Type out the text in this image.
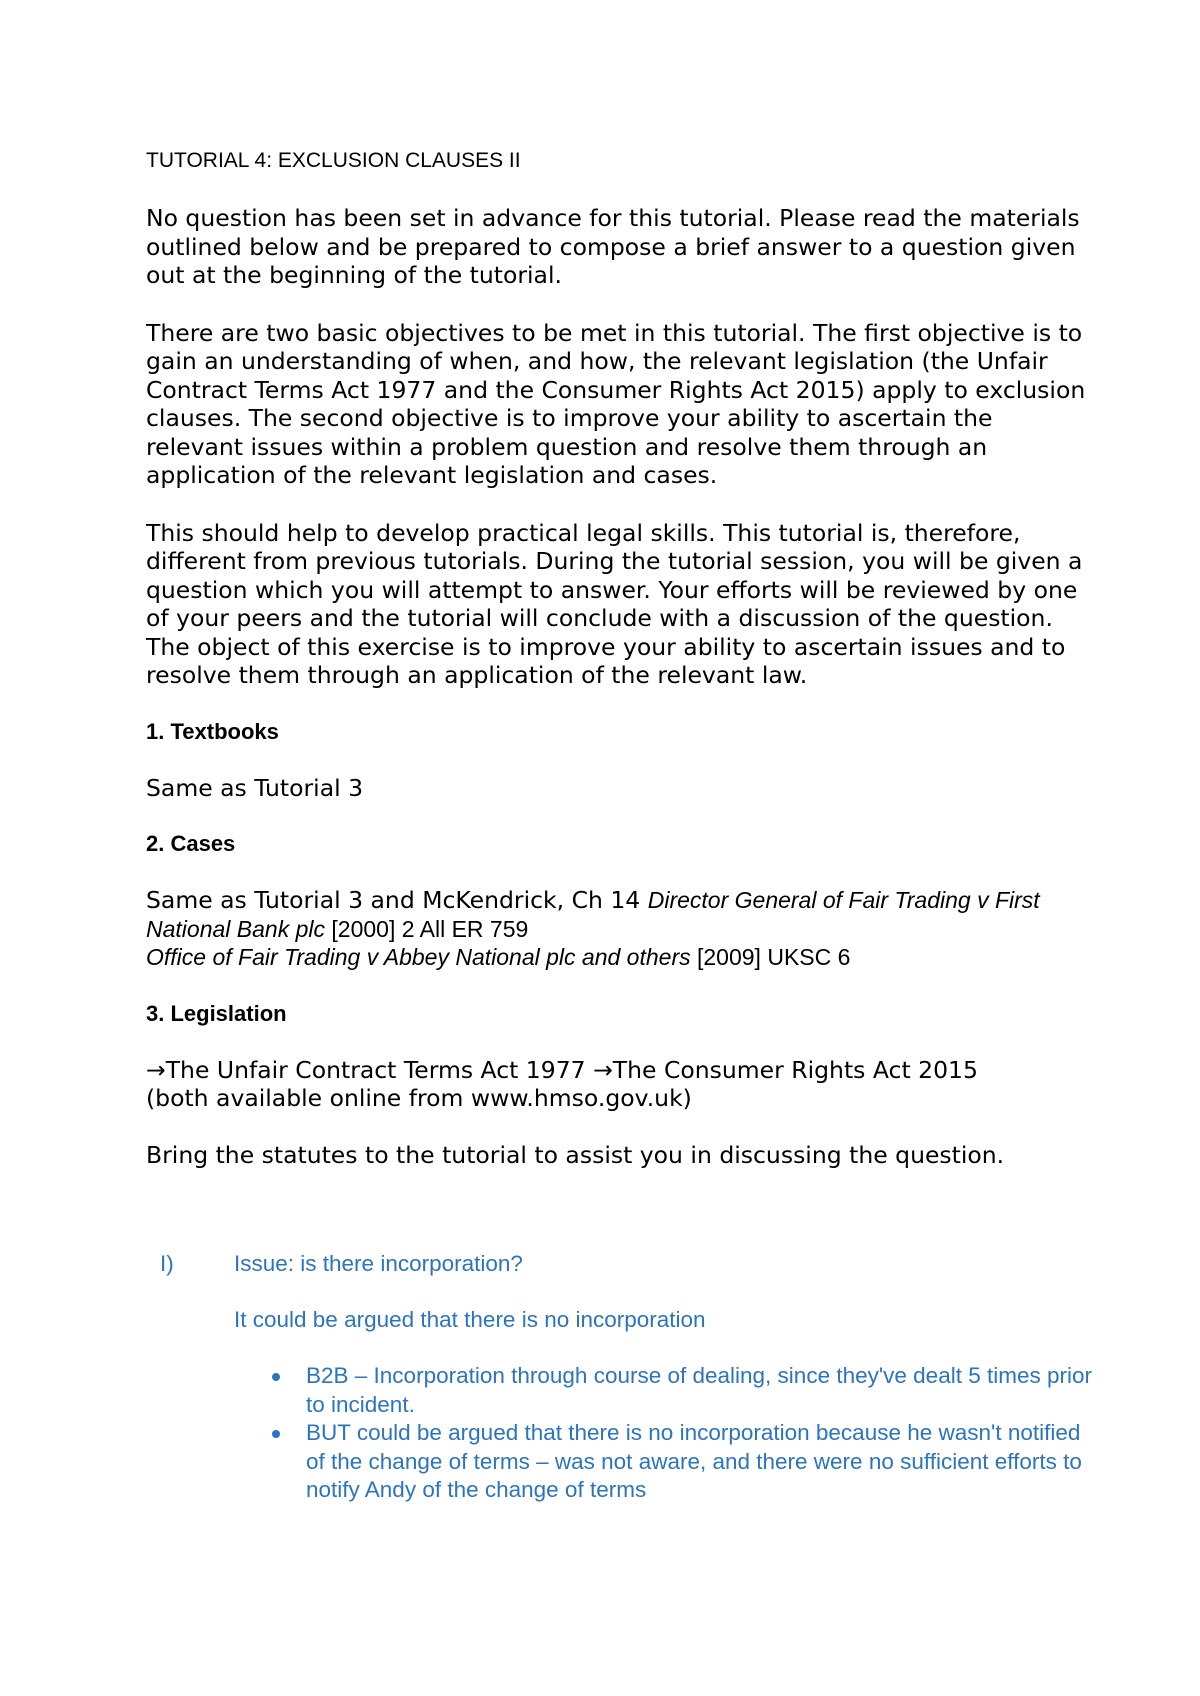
TUTORIAL 4: EXCLUSION CLAUSES II

No question has been set in advance for this tutorial. Please read the materials outlined below and be prepared to compose a brief answer to a question given out at the beginning of the tutorial.

There are two basic objectives to be met in this tutorial. The first objective is to gain an understanding of when, and how, the relevant legislation (the Unfair Contract Terms Act 1977 and the Consumer Rights Act 2015) apply to exclusion clauses. The second objective is to improve your ability to ascertain the relevant issues within a problem question and resolve them through an application of the relevant legislation and cases.

This should help to develop practical legal skills. This tutorial is, therefore, different from previous tutorials. During the tutorial session, you will be given a question which you will attempt to answer. Your efforts will be reviewed by one of your peers and the tutorial will conclude with a discussion of the question. The object of this exercise is to improve your ability to ascertain issues and to resolve them through an application of the relevant law.

1. Textbooks

Same as Tutorial 3

2. Cases

Same as Tutorial 3 and McKendrick, Ch 14 Director General of Fair Trading v First National Bank plc [2000] 2 All ER 759
Office of Fair Trading v Abbey National plc and others [2009] UKSC 6

3. Legislation

→The Unfair Contract Terms Act 1977 →The Consumer Rights Act 2015
(both available online from www.hmso.gov.uk)

Bring the statutes to the tutorial to assist you in discussing the question.

I)	Issue: is there incorporation?

It could be argued that there is no incorporation

B2B – Incorporation through course of dealing, since they've dealt 5 times prior to incident.
BUT could be argued that there is no incorporation because he wasn't notified of the change of terms – was not aware, and there were no sufficient efforts to notify Andy of the change of terms
